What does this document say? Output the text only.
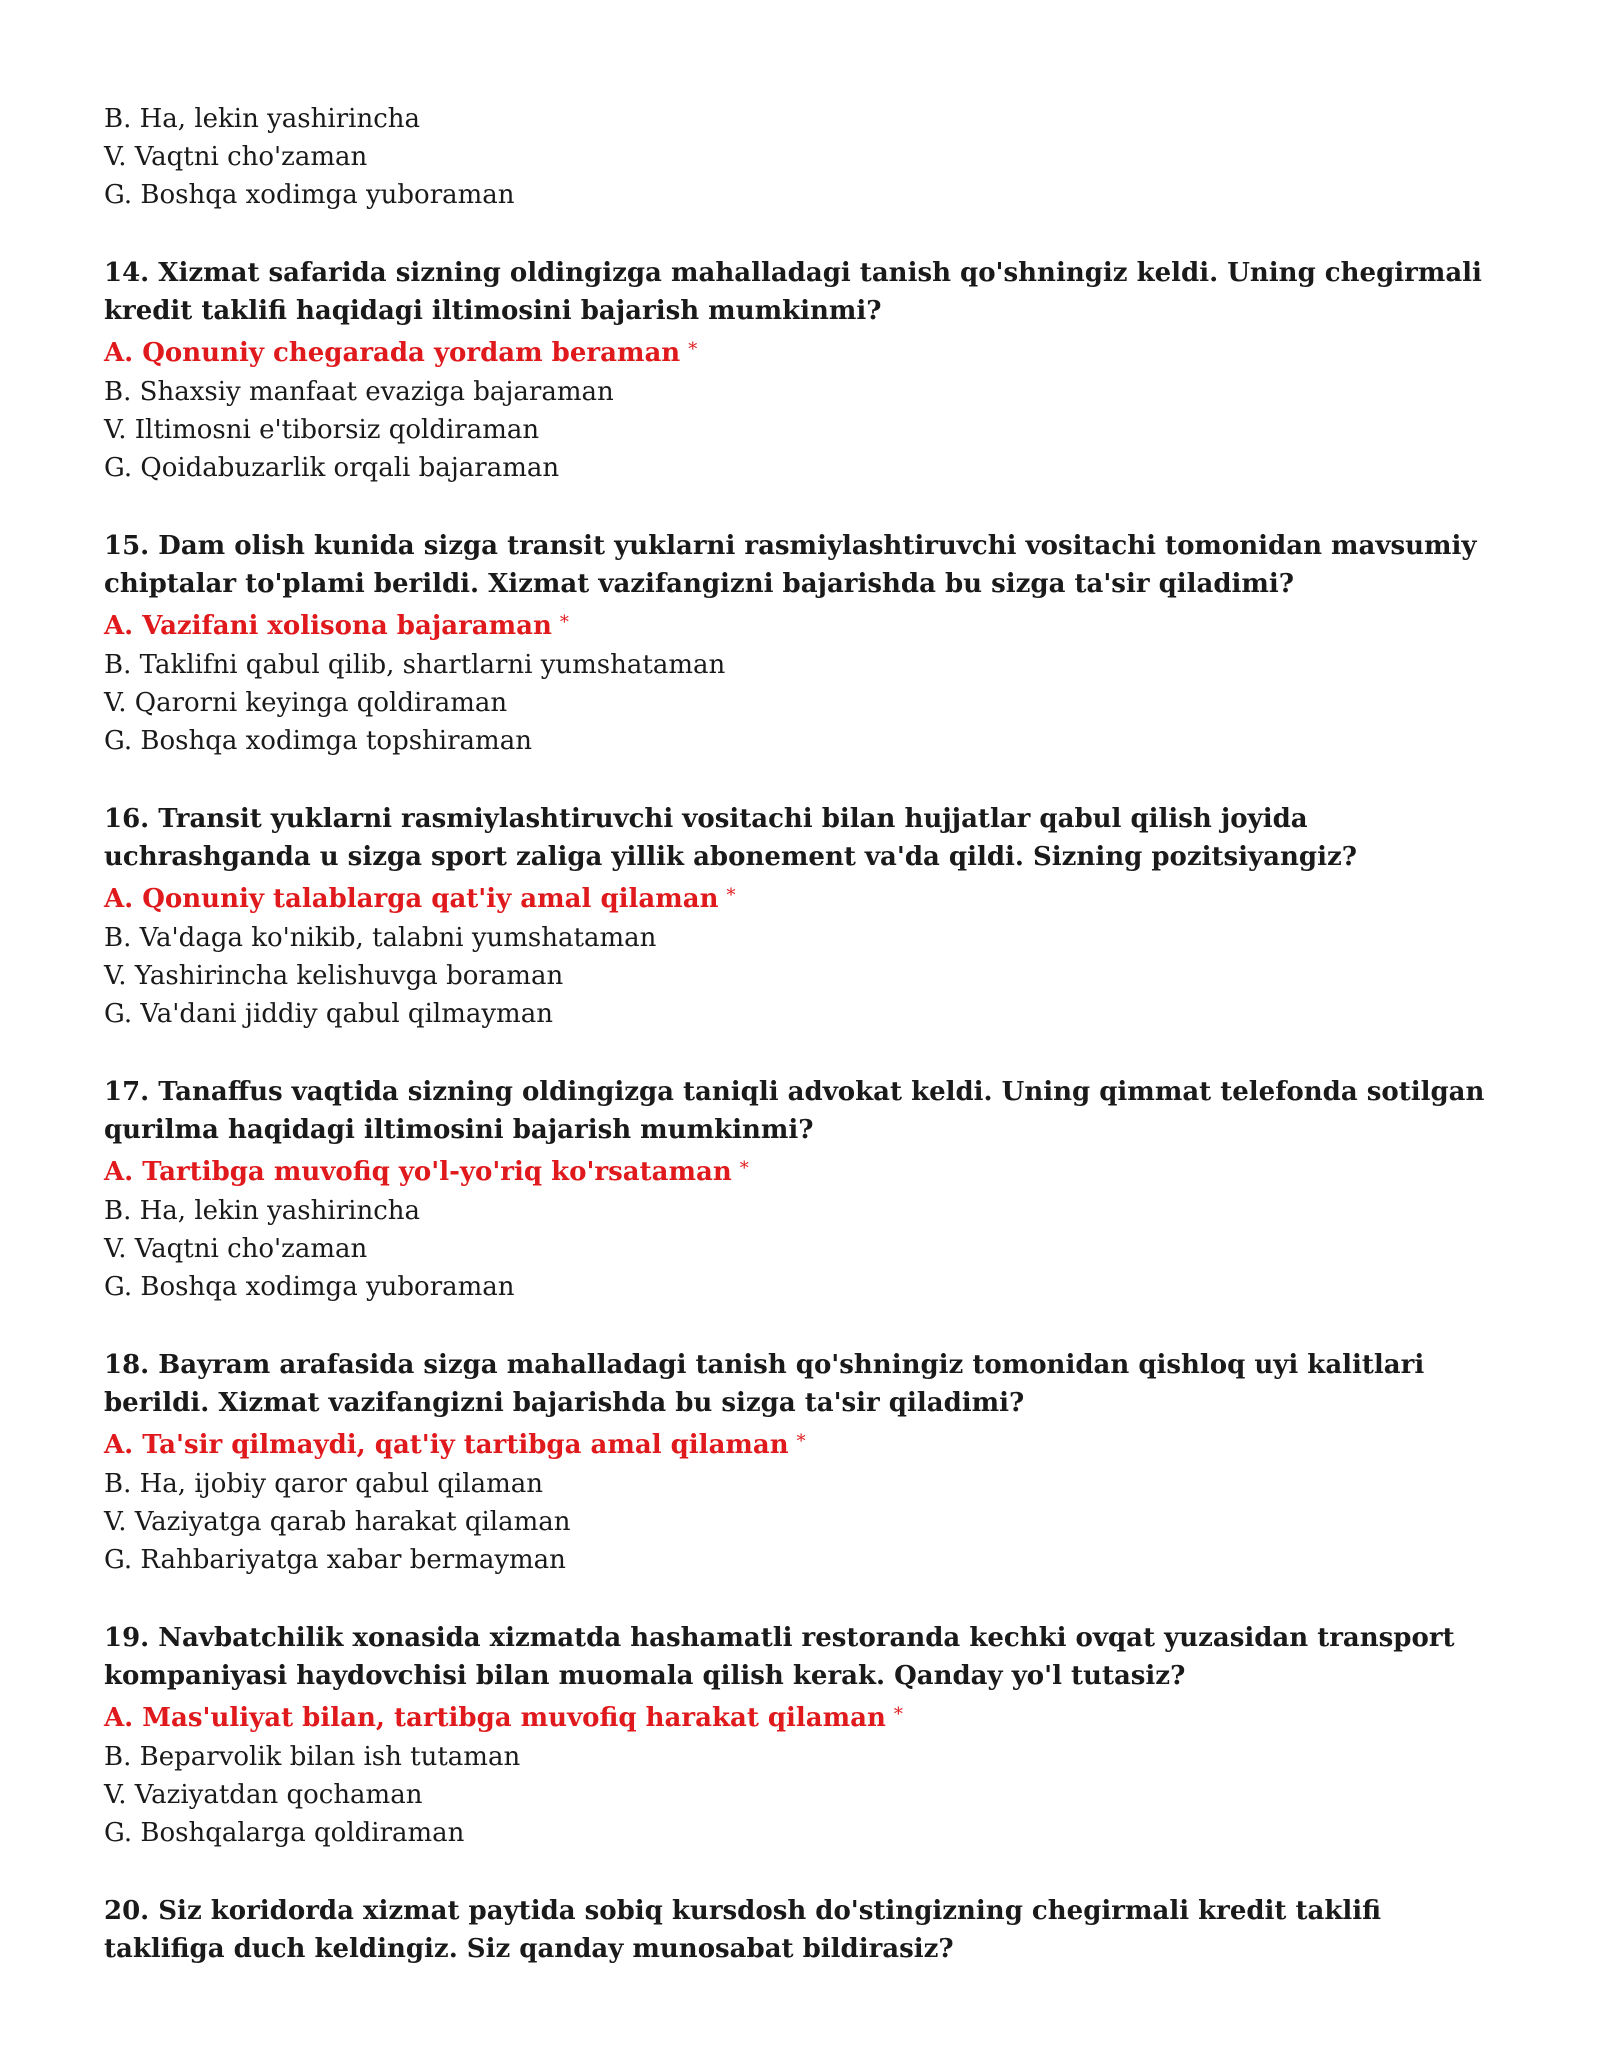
B. Ha, lekin yashirincha
V. Vaqtni cho'zaman
G. Boshqa xodimga yuboraman
14. Xizmat safarida sizning oldingizga mahalladagi tanish qo'shningiz keldi. Uning chegirmali kredit taklifi haqidagi iltimosini bajarish mumkinmi?
A. Qonuniy chegarada yordam beraman *
B. Shaxsiy manfaat evaziga bajaraman
V. Iltimosni e'tiborsiz qoldiraman
G. Qoidabuzarlik orqali bajaraman
15. Dam olish kunida sizga transit yuklarni rasmiylashtiruvchi vositachi tomonidan mavsumiy chiptalar to'plami berildi. Xizmat vazifangizni bajarishda bu sizga ta'sir qiladimi?
A. Vazifani xolisona bajaraman *
B. Taklifni qabul qilib, shartlarni yumshataman
V. Qarorni keyinga qoldiraman
G. Boshqa xodimga topshiraman
16. Transit yuklarni rasmiylashtiruvchi vositachi bilan hujjatlar qabul qilish joyida uchrashganda u sizga sport zaliga yillik abonement va'da qildi. Sizning pozitsiyangiz?
A. Qonuniy talablarga qat'iy amal qilaman *
B. Va'daga ko'nikib, talabni yumshataman
V. Yashirincha kelishuvga boraman
G. Va'dani jiddiy qabul qilmayman
17. Tanaffus vaqtida sizning oldingizga taniqli advokat keldi. Uning qimmat telefonda sotilgan qurilma haqidagi iltimosini bajarish mumkinmi?
A. Tartibga muvofiq yo'l-yo'riq ko'rsataman *
B. Ha, lekin yashirincha
V. Vaqtni cho'zaman
G. Boshqa xodimga yuboraman
18. Bayram arafasida sizga mahalladagi tanish qo'shningiz tomonidan qishloq uyi kalitlari berildi. Xizmat vazifangizni bajarishda bu sizga ta'sir qiladimi?
A. Ta'sir qilmaydi, qat'iy tartibga amal qilaman *
B. Ha, ijobiy qaror qabul qilaman
V. Vaziyatga qarab harakat qilaman
G. Rahbariyatga xabar bermayman
19. Navbatchilik xonasida xizmatda hashamatli restoranda kechki ovqat yuzasidan transport kompaniyasi haydovchisi bilan muomala qilish kerak. Qanday yo'l tutasiz?
A. Mas'uliyat bilan, tartibga muvofiq harakat qilaman *
B. Beparvolik bilan ish tutaman
V. Vaziyatdan qochaman
G. Boshqalarga qoldiraman
20. Siz koridorda xizmat paytida sobiq kursdosh do'stingizning chegirmali kredit taklifi taklifiga duch keldingiz. Siz qanday munosabat bildirasiz?
